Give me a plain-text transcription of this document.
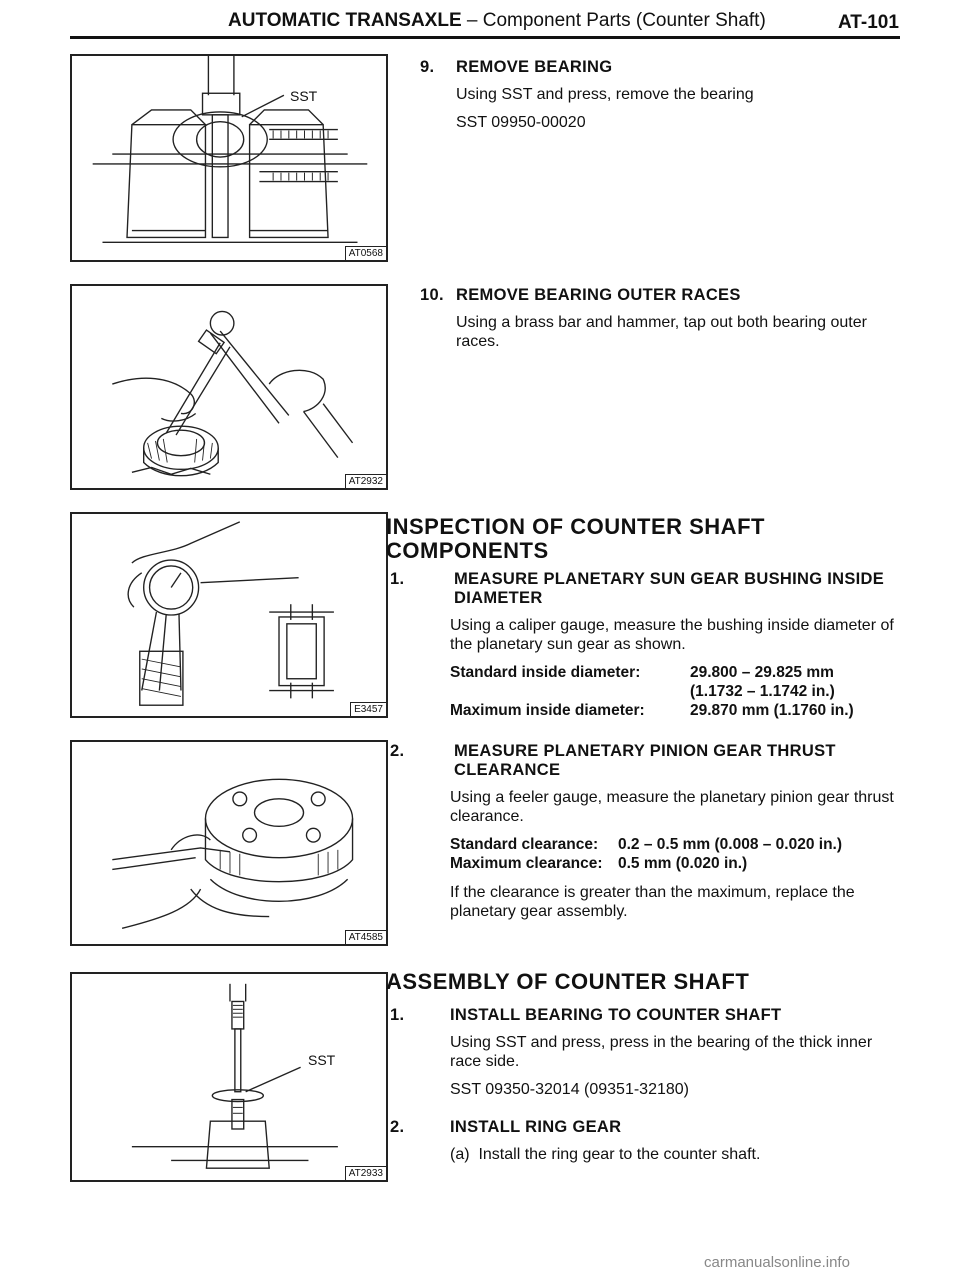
AUTOMATIC TRANSAXLE – Component Parts (Counter Shaft)	AT-101
SST
AT0568
AT2932
E3457
AT4585
SST
AT2933
9. REMOVE BEARING

Using SST and press, remove the bearing

SST 09950-00020

10. REMOVE BEARING OUTER RACES

Using a brass bar and hammer, tap out both bearing outer races.

INSPECTION OF COUNTER SHAFT
COMPONENTS
1.	MEASURE PLANETARY SUN GEAR BUSHING INSIDE
DIAMETER

Using a caliper gauge, measure the bushing inside diameter of the planetary sun gear as shown.

Standard inside diameter:	29.800 – 29.825 mm
(1.1732 – 1.1742 in.)
Maximum inside diameter:	29.870 mm (1.1760 in.)
2.	MEASURE PLANETARY PINION GEAR THRUST
CLEARANCE

Using a feeler gauge, measure the planetary pinion gear thrust clearance.

Standard clearance:	0.2 – 0.5 mm (0.008 – 0.020 in.)
Maximum clearance:	0.5 mm (0.020 in.)

If the clearance is greater than the maximum, replace the planetary gear assembly.

ASSEMBLY OF COUNTER SHAFT
1.	INSTALL BEARING TO COUNTER SHAFT

Using SST and press, press in the bearing of the thick inner race side.

SST 09350-32014 (09351-32180)

2.	INSTALL RING GEAR

(a) Install the ring gear to the counter shaft.

carmanualsonline.info
